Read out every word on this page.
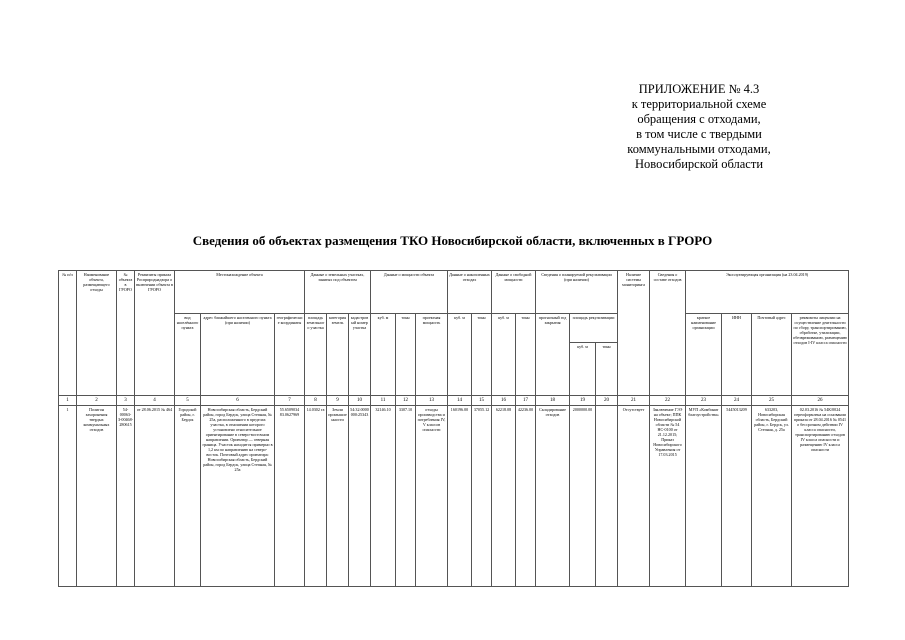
ПРИЛОЖЕНИЕ № 4.3
к территориальной схеме
обращения с отходами,
в том числе с твердыми
коммунальными отходами,
Новосибирской области
Сведения об объектах размещения ТКО Новосибирской области, включенных в ГРОРО
№ п/п	Наименование объекта, размещающего отходы	№ объекта в ГРОРО	Реквизиты приказа Росприроднадзора о включении объекта в ГРОРО	Местонахождение объекта			Данные о земельных участках, занятых под объектом			Данные о мощности объекта			Данные о накопленных отходах		Данные о свободной мощности		Сведения о планируемой рекультивации (при наличии)			Наличие системы мониторинга	Сведения о составе отходов	Эксплуатирующая организация (на 23.04.2019)			
				вид населённого пункта	адрес ближайшего населенного пункта (при наличии)	географические координаты	площадь земельного участка	категория земель	кадастровый номер участка	куб. м	тонн	проектная мощность	куб. м	тонн	куб. м	тонн	прогнозный год закрытия	площадь рекультивации				краткое наименование организации	ИНН	Почтовый адрес	реквизиты лицензии на осуществление деятельности по сбору, транспортированию, обработке, утилизации, обезвреживанию, размещению отходов I-IV класса опасности
																		куб. м	тонн						
1	2	3	4	5	6	7	8	9	10	11	12	13	14	15	16	17	18	19	20	21	22	23	24	25	26
1	Полигон захоронения твердых коммунальных отходов	54-00063-З-00468-280615	от 28.06.2015 № 464	Городской район, г. Бердск	Новосибирская область, Бердский район, город Бердск, улица Степная, № 25а, расположенного в пределах участка, в отношении которого установлено относительное ориентирование в северо-восточном направлении. Ориентир — северная граница. Участок находится примерно в 1,2 км по направлению на северо-восток. Почтовый адрес ориентира: Новосибирская область, Бердский район, город Бердск, улица Степная, № 25а	55.6509034 83.0627969	14.0302 га	Земли промышленности	54:32:0000000:25343	32146.10	3307.10	отходы производства и потребления IV, V классов опасности	160196.00	37055.12	62218.08	42236.00	Складирование отходов	2000000.00		Отсутствует	Заключение ГЭЭ на объект; ППК Новосибирской области № 54 НС-0100 от 21.12.2015; Приказ Новосибирского Управления от 17.03.2015	МУП «Комбинат благоустройства»	5445013209	633203, Новосибирская область, Бердский район, г. Бердск, ул. Степная, д. 25а	02.03.2016 № 54К/0024 переоформлена на основании приказа от 28.04.2016 № 0541 о бессрочном действии IV класса опасности, транспортированию отходов IV класса опасности и размещению IV класса опасности
